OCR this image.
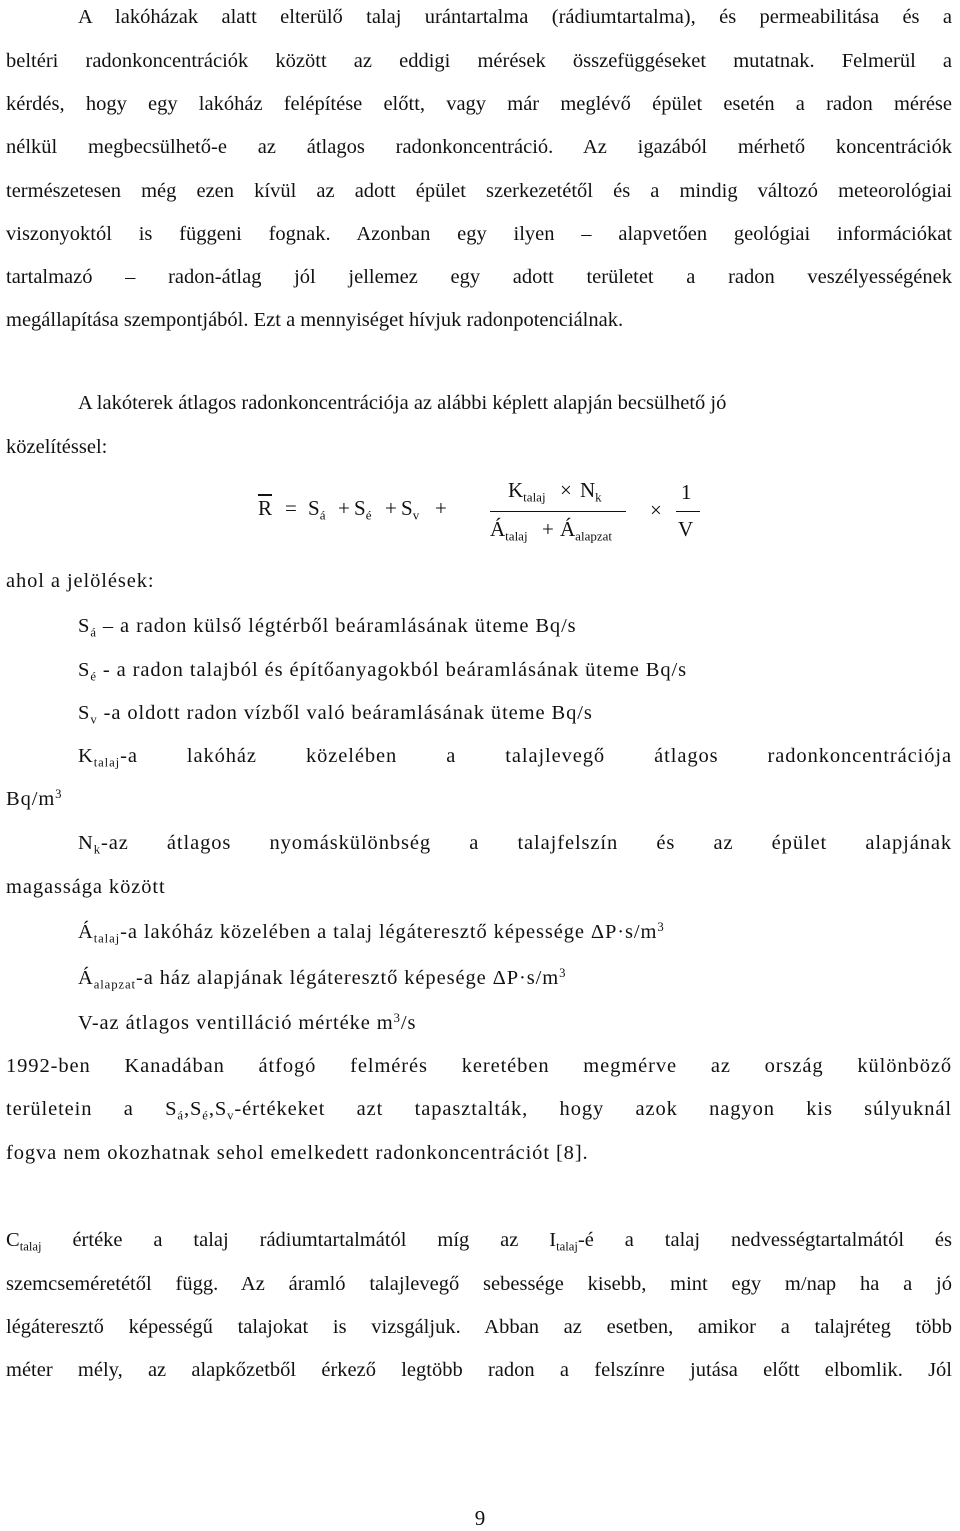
A lakóházak alatt elterülő talaj urántartalma (rádiumtartalma), és permeabilitása és a
beltéri radonkoncentrációk között az eddigi mérések összefüggéseket mutatnak. Felmerül a
kérdés, hogy egy lakóház felépítése előtt, vagy már meglévő épület esetén a radon mérése
nélkül megbecsülhető-e az átlagos radonkoncentráció. Az igazából mérhető koncentrációk
természetesen még ezen kívül az adott épület szerkezetétől és a mindig változó meteorológiai
viszonyoktól is függeni fognak. Azonban egy ilyen – alapvetően geológiai információkat
tartalmazó – radon-átlag jól jellemez egy adott területet a radon veszélyességének
megállapítása szempontjából. Ezt a mennyiséget hívjuk radonpotenciálnak.
A lakóterek átlagos radonkoncentrációja az alábbi képlett alapján becsülhető jó
közelítéssel:
$\overline{R} = S_á + S_é + S_v$ +
$K_{talaj} \times N_k$
$Á_{talaj}$ + $Á_{alapzat}$
×
1
V
ahol a jelölések:
$S_á$ – a radon külső légtérből beáramlásának üteme Bq/s
$S_é$ - a radon talajból és építőanyagokból beáramlásának üteme Bq/s
$S_v$ -a oldott radon vízből való beáramlásának üteme Bq/s
$K_{talaj}-a$ lakóház közelében a talajlevegő átlagos radonkoncentrációja
$Bq/m^3$
$N_k-az$ átlagos nyomáskülönbség a talajfelszín és az épület alapjának
magassága között
$Á_{talaj}-a$ lakóház közelében a talaj légáteresztő képessége $\Delta P\cdot s/m^3$
$Á_{alapzat}-a$ ház alapjának légáteresztő képesége $\Delta P\cdot s/m^3$
V-az átlagos ventilláció mértéke $m^3/s$
1992-ben Kanadában átfogó felmérés keretében megmérve az ország különböző
területein a $S_á,S_é,S_v$-értékeket azt tapasztalták, hogy azok nagyon kis súlyuknál
fogva nem okozhatnak sehol emelkedett radonkoncentrációt [8].
$C_{talaj}$ értéke a talaj rádiumtartalmától míg az $I_{talaj}-é$ a talaj nedvességtartalmától és
szemcseméretétől függ. Az áramló talajlevegő sebessége kisebb, mint egy m/nap ha a jó
légáteresztő képességű talajokat is vizsgáljuk. Abban az esetben, amikor a talajréteg több
méter mély, az alapkőzetből érkező legtöbb radon a felszínre jutása előtt elbomlik. Jól
9
